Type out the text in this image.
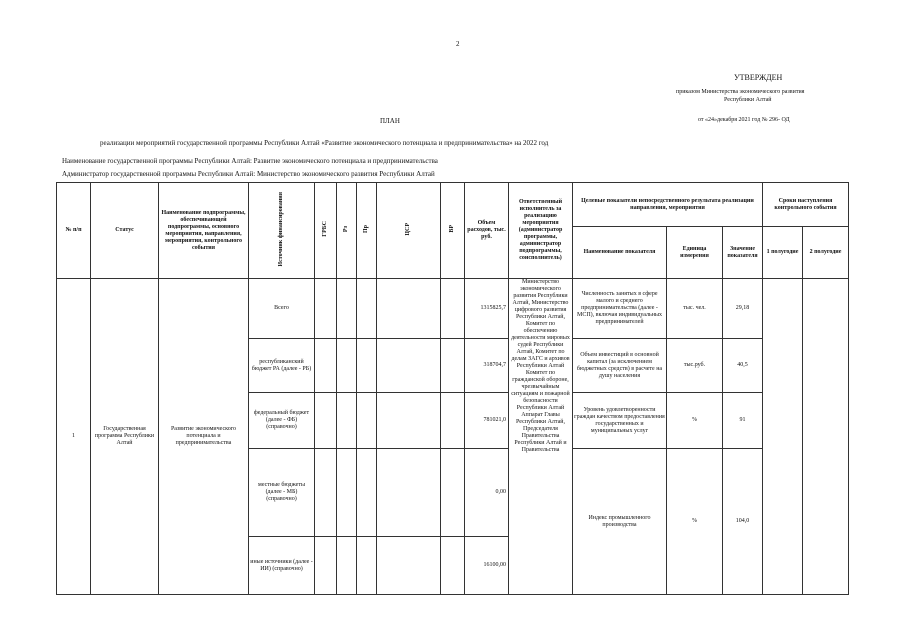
2
УТВЕРЖДЕН
приказом Министерства экономического развития
Республики Алтай
ПЛАН	от «24»декабря 2021 год № 296- ОД
реализации мероприятий государственной программы Республики Алтай «Развитие экономического потенциала и предпринимательства» на 2022 год
Наименование государственной программы Республики Алтай: Развитие экономического потенциала и предпринимательства
Администратор государственной программы Республики Алтай: Министерство экономического развития Республики Алтай
№ п/п	Статус	Наименование подпрограммы, обеспечивающей подпрограммы, основного мероприятия, направления, мероприятия, контрольного события	Источник финансирования	ГРБС	Рз	Пр	ЦСР	ВР	Объем расходов, тыс. руб.	Ответственный исполнитель за реализацию мероприятия (администратор программы, администратор подпрограммы, соисполнитель)	Целевые показатели непосредственного результата реализации направления, мероприятия			Сроки наступления контрольного события	
											Наименование показателя	Единица измерения	Значение показателя	1 полугодие	2 полугодие
1	Государственная программа Республики Алтай	Развитие экономического потенциала и предпринимательства	Всего						1315825,7	Министерство экономического развития Республики Алтай, Министерство цифрового развития Республики Алтай, Комитет по обеспечению деятельности мировых судей Республики Алтай, Комитет по делам ЗАГС и архивов Республики Алтай Комитет по гражданской обороне, чрезвычайным ситуациям и пожарной безопасности Республики Алтай Аппарат Главы Республики Алтай, Председателя Правительства Республики Алтай и Правительства	Численность занятых в сфере малого и среднего предпринимательства (далее - МСП), включая индивидуальных предпринимателей	тыс. чел.	29,18		
			республиканский бюджет РА (далее - РБ)						318704,7		Объем инвестиций в основной капитал (за исключением бюджетных средств) в расчете на душу населения	тыс.руб.	40,5		
			федеральный бюджет (далее - ФБ) (справочно)						781021,0		Уровень удовлетворенности граждан качеством предоставления государственных и муниципальных услуг	%	91		
			местные бюджеты (далее - МБ) (справочно)						0,00		Индекс промышленного производства	%	104,0		
			иные источники (далее - ИИ) (справочно)						16100,00						
